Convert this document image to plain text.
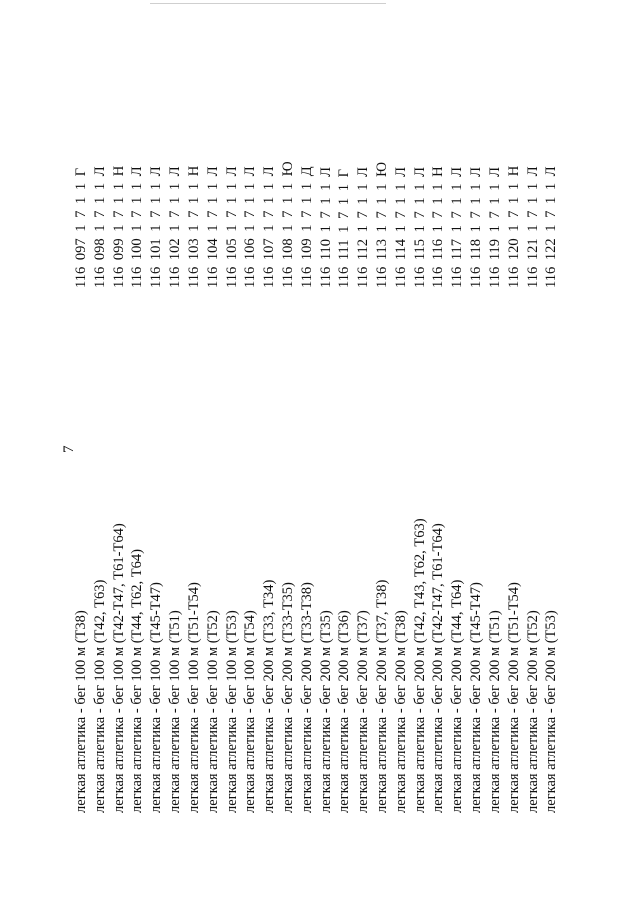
7
легкая атлетика - бег 100 м (Т38)
116 097 1 7 1 1 Г
легкая атлетика - бег 100 м (Т42, Т63)
116 098 1 7 1 1 Л
легкая атлетика - бег 100 м (Т42-Т47, Т61-Т64)
116 099 1 7 1 1 Н
легкая атлетика - бег 100 м (Т44, Т62, Т64)
116 100 1 7 1 1 Л
легкая атлетика - бег 100 м (Т45-Т47)
116 101 1 7 1 1 Л
легкая атлетика - бег 100 м (Т51)
116 102 1 7 1 1 Л
легкая атлетика - бег 100 м (Т51-Т54)
116 103 1 7 1 1 Н
легкая атлетика - бег 100 м (Т52)
116 104 1 7 1 1 Л
легкая атлетика - бег 100 м (Т53)
116 105 1 7 1 1 Л
легкая атлетика - бег 100 м (Т54)
116 106 1 7 1 1 Л
легкая атлетика - бег 200 м (Т33, Т34)
116 107 1 7 1 1 Л
легкая атлетика - бег 200 м (Т33-Т35)
116 108 1 7 1 1 Ю
легкая атлетика - бег 200 м (Т33-Т38)
116 109 1 7 1 1 Д
легкая атлетика - бег 200 м (Т35)
116 110 1 7 1 1 Л
легкая атлетика - бег 200 м (Т36)
116 111 1 7 1 1 Г
легкая атлетика - бег 200 м (Т37)
116 112 1 7 1 1 Л
легкая атлетика - бег 200 м (Т37, Т38)
116 113 1 7 1 1 Ю
легкая атлетика - бег 200 м (Т38)
116 114 1 7 1 1 Л
легкая атлетика - бег 200 м (Т42, Т43, Т62, Т63)
116 115 1 7 1 1 Л
легкая атлетика - бег 200 м (Т42-Т47, Т61-Т64)
116 116 1 7 1 1 Н
легкая атлетика - бег 200 м (Т44, Т64)
116 117 1 7 1 1 Л
легкая атлетика - бег 200 м (Т45-Т47)
116 118 1 7 1 1 Л
легкая атлетика - бег 200 м (Т51)
116 119 1 7 1 1 Л
легкая атлетика - бег 200 м (Т51-Т54)
116 120 1 7 1 1 Н
легкая атлетика - бег 200 м (Т52)
116 121 1 7 1 1 Л
легкая атлетика - бег 200 м (Т53)
116 122 1 7 1 1 Л
